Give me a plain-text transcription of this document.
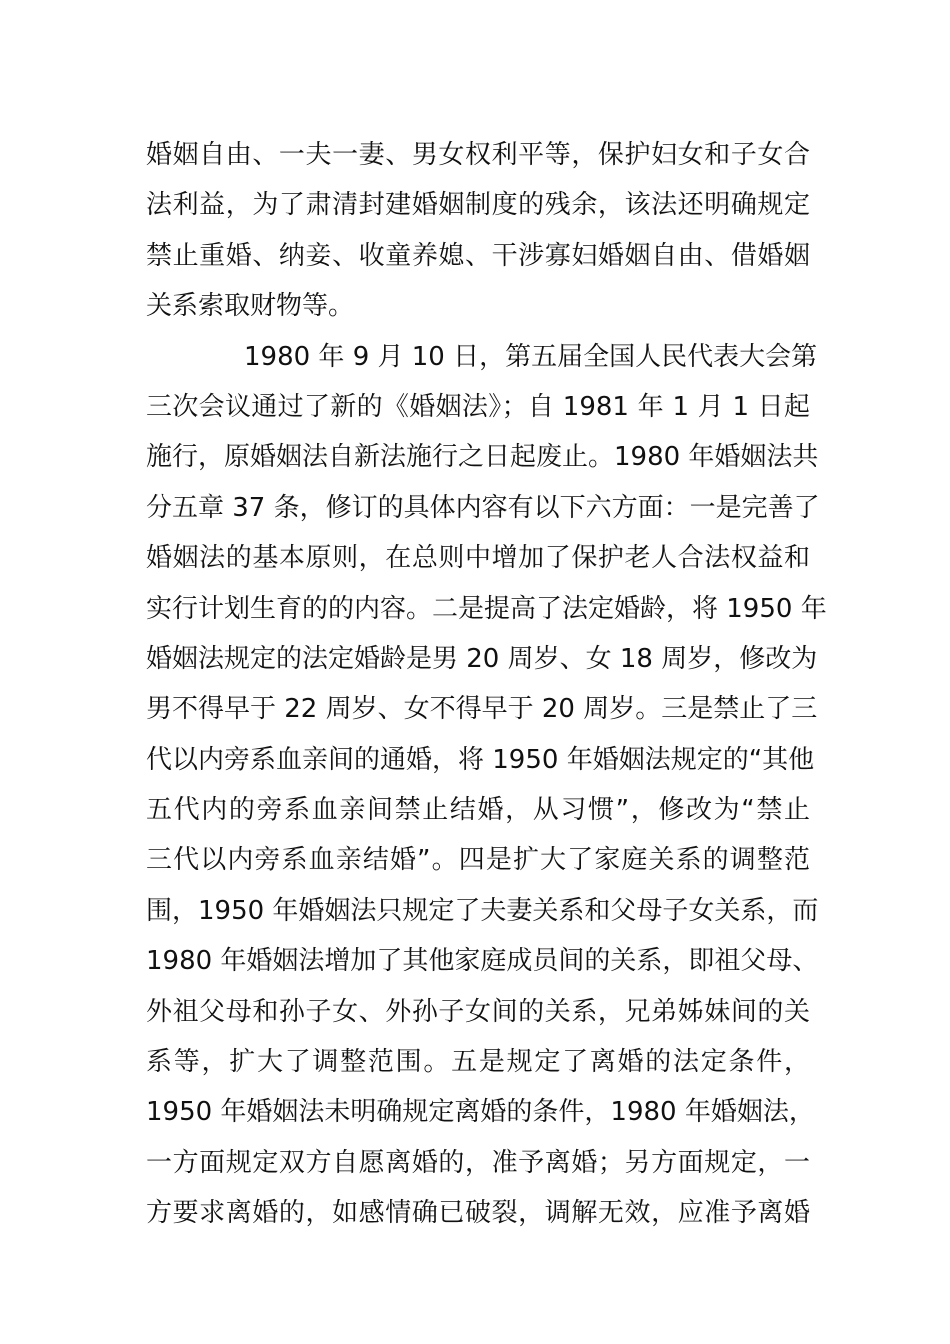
婚姻自由、一夫一妻、男女权利平等，保护妇女和子女合
法利益，为了肃清封建婚姻制度的残余，该法还明确规定
禁止重婚、纳妾、收童养媳、干涉寡妇婚姻自由、借婚姻
关系索取财物等。
1980 年 9 月 10 日，第五届全国人民代表大会第
三次会议通过了新的《婚姻法》；自 1981 年 1 月 1 日起
施行，原婚姻法自新法施行之日起废止。1980 年婚姻法共
分五章 37 条，修订的具体内容有以下六方面：一是完善了
婚姻法的基本原则，在总则中增加了保护老人合法权益和
实行计划生育的的内容。二是提高了法定婚龄，将 1950 年
婚姻法规定的法定婚龄是男 20 周岁、女 18 周岁，修改为
男不得早于 22 周岁、女不得早于 20 周岁。三是禁止了三
代以内旁系血亲间的通婚，将 1950 年婚姻法规定的“其他
五代内的旁系血亲间禁止结婚，从习惯”，修改为“禁止
三代以内旁系血亲结婚”。四是扩大了家庭关系的调整范
围，1950 年婚姻法只规定了夫妻关系和父母子女关系，而
1980 年婚姻法增加了其他家庭成员间的关系，即祖父母、
外祖父母和孙子女、外孙子女间的关系，兄弟姊妹间的关
系等，扩大了调整范围。五是规定了离婚的法定条件，
1950 年婚姻法未明确规定离婚的条件，1980 年婚姻法，
一方面规定双方自愿离婚的，准予离婚；另方面规定，一
方要求离婚的，如感情确已破裂，调解无效，应准予离婚
